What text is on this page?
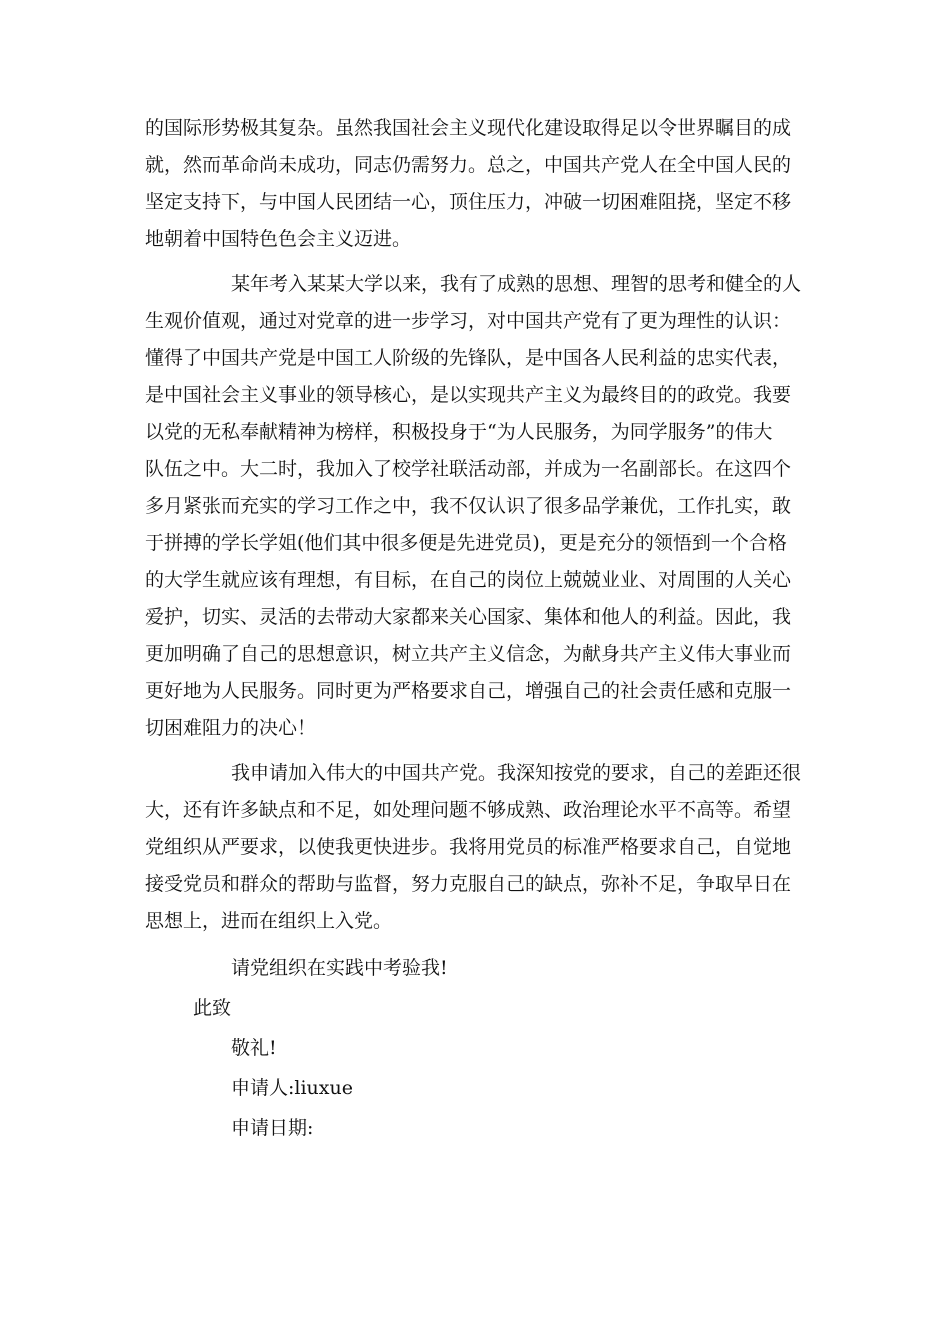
的国际形势极其复杂。虽然我国社会主义现代化建设取得足以令世界瞩目的成
就，然而革命尚未成功，同志仍需努力。总之，中国共产党人在全中国人民的
坚定支持下，与中国人民团结一心，顶住压力，冲破一切困难阻挠，坚定不移
地朝着中国特色色会主义迈进。
某年考入某某大学以来，我有了成熟的思想、理智的思考和健全的人
生观价值观，通过对党章的进一步学习，对中国共产党有了更为理性的认识：
懂得了中国共产党是中国工人阶级的先锋队，是中国各人民利益的忠实代表，
是中国社会主义事业的领导核心，是以实现共产主义为最终目的的政党。我要
以党的无私奉献精神为榜样，积极投身于“为人民服务，为同学服务”的伟大
队伍之中。大二时，我加入了校学社联活动部，并成为一名副部长。在这四个
多月紧张而充实的学习工作之中，我不仅认识了很多品学兼优，工作扎实，敢
于拼搏的学长学姐(他们其中很多便是先进党员)，更是充分的领悟到一个合格
的大学生就应该有理想，有目标，在自己的岗位上兢兢业业、对周围的人关心
爱护，切实、灵活的去带动大家都来关心国家、集体和他人的利益。因此，我
更加明确了自己的思想意识，树立共产主义信念，为献身共产主义伟大事业而
更好地为人民服务。同时更为严格要求自己，增强自己的社会责任感和克服一
切困难阻力的决心！
我申请加入伟大的中国共产党。我深知按党的要求，自己的差距还很
大，还有许多缺点和不足，如处理问题不够成熟、政治理论水平不高等。希望
党组织从严要求，以使我更快进步。我将用党员的标准严格要求自己，自觉地
接受党员和群众的帮助与监督，努力克服自己的缺点，弥补不足，争取早日在
思想上，进而在组织上入党。

请党组织在实践中考验我!

此致

敬礼!

申请人:liuxue

申请日期:
